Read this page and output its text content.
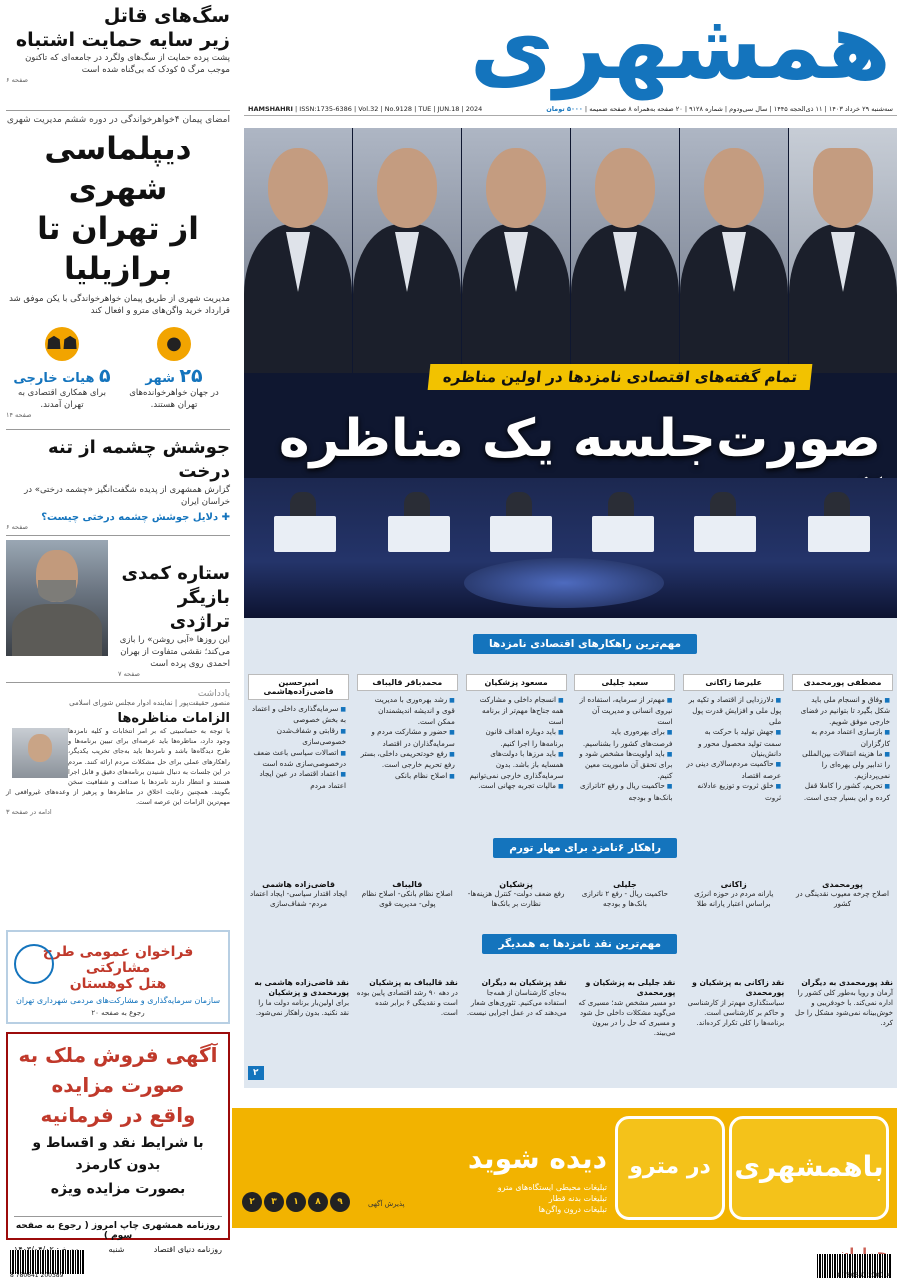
همشهری
HAMSHAHRI | ISSN:1735-6386 | Vol.32 | No.9128 | TUE | JUN.18 | 2024	سه‌شنبه ۲۹ خرداد ۱۴۰۳ | ۱۱ ذی‌الحجه ۱۴۴۵ | سال سی‌ودوم | شماره ۹۱۲۸ | ۲۰ صفحه به‌همراه ۸ صفحه ضمیمه | ۵۰۰۰ تومان
سگ‌های قاتل
زیر سایه حمایت اشتباه
پشت پرده حمایت از سگ‌های ولگرد در جامعه‌ای که تاکنون موجب مرگ ۵ کودک که بی‌گناه شده است
صفحه ۶
امضای پیمان ۴خواهرخواندگی در دوره ششم مدیریت شهری
دیپلماسی شهری
از تهران تا برازیلیا
مدیریت شهری از طریق پیمان خواهرخواندگی با یکن موفق شد قرارداد خرید واگن‌های مترو و افعال کند
●
۲۵ شهر
در جهان خواهرخوانده‌های تهران هستند.
☗☗
۵ هیات خارجی
برای همکاری اقتصادی به تهران آمدند.
صفحه ۱۴
جوشش چشمه از تنه درخت
گزارش همشهری از پدیده شگفت‌انگیز «چشمه درختی» در خراسان ایران
✚ دلایل جوشش چشمه درختی چیست؟
صفحه ۶
ستاره کمدی
بازیگر تراژدی
این روزها «آبی روشن» را بازی می‌کند؛ نقشی متفاوت از بهران احمدی روی پرده است
صفحه ۷
یادداشت
منصور حقیقت‌پور | نماینده ادوار مجلس شورای اسلامی
الزامات مناظره‌ها
با توجه به حساسیتی که بر امر انتخابات و کلیه نامزدها وجود دارد، مناظره‌ها باید عرصه‌ای برای تبیین برنامه‌ها و طرح دیدگاه‌ها باشد و نامزدها باید به‌جای تخریب یکدیگر، راهکارهای عملی برای حل مشکلات مردم ارائه کنند. مردم در این جلسات به دنبال شنیدن برنامه‌های دقیق و قابل اجرا هستند و انتظار دارند نامزدها با صداقت و شفافیت سخن بگویند. همچنین رعایت اخلاق در مناظره‌ها و پرهیز از وعده‌های غیرواقعی از مهم‌ترین الزامات این عرصه است.
ادامه در صفحه ۳
فراخوان عمومی طرح مشارکتی
هتل کوهستان
سازمان سرمایه‌گذاری و مشارکت‌های مردمی شهرداری تهران
رجوع به صفحه ۲۰
آگهی فروش ملک به صورت مزایده
واقع در فرمانیه
با شرایط نقد و اقساط و بدون کارمزد
بصورت مزایده ویژه
روزنامه همشهری چاپ امروز ( رجوع به صفحه سوم )
روزنامه دنیای اقتصاد
شنبه
تمام گفته‌های اقتصادی نامزدها در اولین مناظره
صورت‌جلسه یک مناظره
مهم‌ترین راهکارهای اقتصادی نامزدها
مصطفی پورمحمدی

■ وفاق و انسجام ملی باید شکل بگیرد تا بتوانیم در فضای خارجی موفق شویم.

■ بازسازی اعتماد مردم به کارگزاران

■ ما هزینه انتقالات بین‌المللی را تدابیر ولی بهره‌ای را نمی‌پردازیم.

■ تحریم، کشور را کاملا قفل کرده و این بسیار جدی است.

علیرضا زاکانی

■ دلارزدایی از اقتصاد و تکیه بر پول ملی و افزایش قدرت پول ملی

■ جهش تولید با حرکت به سمت تولید محصول محور و دانش‌بنیان

■ حاکمیت مردم‌سالاری دینی در عرصه اقتصاد

■ خلق ثروت و توزیع عادلانه ثروت

سعید جلیلی

■ مهم‌تر از سرمایه، استفاده از نیروی انسانی و مدیریت آن است

■ برای بهره‌وری باید فرصت‌های کشور را بشناسیم.

■ باید اولویت‌ها مشخص شود و برای تحقق آن ماموریت معین کنیم.

■ حاکمیت ریال و رفع ۲ناترازی بانک‌ها و بودجه

مسعود پزشکیان

■ انسجام داخلی و مشارکت همه جناح‌ها مهم‌تر از برنامه است

■ باید دوباره اهداف قانون برنامه‌ها را اجرا کنیم.

■ باید مرزها با دولت‌های همسایه باز باشد. بدون سرمایه‌گذاری خارجی نمی‌توانیم

■ مالیات تجربه جهانی است.

محمدباقر قالیباف

■ رشد بهره‌وری با مدیریت قوی و اندیشه اندیشمندان ممکن است.

■ حضور و مشارکت مردم و سرمایه‌گذاران در اقتصاد

■ رفع خودتحریمی داخلی، بستر رفع تحریم خارجی است.

■ اصلاح نظام بانکی

امیرحسین قاضی‌زاده‌هاشمی

■ سرمایه‌گذاری داخلی و اعتماد به بخش خصوصی

■ رقابتی و شفاف‌شدن خصوصی‌سازی

■ اتصالات سیاسی باعث ضعف درخصوصی‌سازی شده است

■ اعتماد اقتصاد در عین ایجاد اعتماد مردم

راهکار ۶نامزد برای مهار تورم
پورمحمدی
اصلاح چرخه معیوب نقدینگی در کشور
زاکانی
یارانه مردم در حوزه انرژی براساس اعتبار یارانه طلا
جلیلی
حاکمیت ریال - رفع ۲ ناترازی بانک‌ها و بودجه
پزشکیان
رفع ضعف دولت- کنترل هزینه‌ها- نظارت بر بانک‌ها
قالیباف
اصلاح نظام بانکی- اصلاح نظام پولی- مدیریت قوی
قاضی‌زاده هاشمی
ایجاد اقتدار سیاسی- ایجاد اعتماد مردم- شفاف‌سازی
مهم‌ترین نقد نامزدها به همدیگر
نقد پورمحمدی به دیگران
آرمان و رویا به‌طور کلی کشور را اداره نمی‌کند. با خودفریبی و خوش‌بینانه نمی‌شود مشکل را حل کرد.
نقد زاکانی به پزشکیان و پورمحمدی
سیاستگذاری مهم‌تر از کارشناسی و حاکم بر کارشناسی است. برنامه‌ها را کلی تکرار کرده‌اند.
نقد جلیلی به پزشکیان و پورمحمدی
دو مسیر مشخص شد؛ مسیری که می‌گوید مشکلات داخلی حل شود و مسیری که حل را در بیرون می‌بیند.
نقد پزشکیان به دیگران
به‌جای کارشناسان از همه‌جا استفاده می‌کنیم. تئوری‌های شعار می‌دهند که در عمل اجرایی نیست.
نقد قالیباف به پزشکیان
در دهه ۹۰ رشد اقتصادی پایین بوده است و نقدینگی ۶ برابر شده است.
نقد قاضی‌زاده هاشمی به پورمحمدی و پزشکیان
برای اولین‌بار برنامه دولت ما را نقد نکنید. بدون راهکار نمی‌شود.
۲
باهمشهری
در مترو
دیده شوید
تبلیغات محیطی ایستگاه‌های مترو
تبلیغات بدنه قطار
تبلیغات درون واگن‌ها
پذیرش آگهی
۲	۳	۱	۸	۹
8 780641 200389	8 780641 200014
